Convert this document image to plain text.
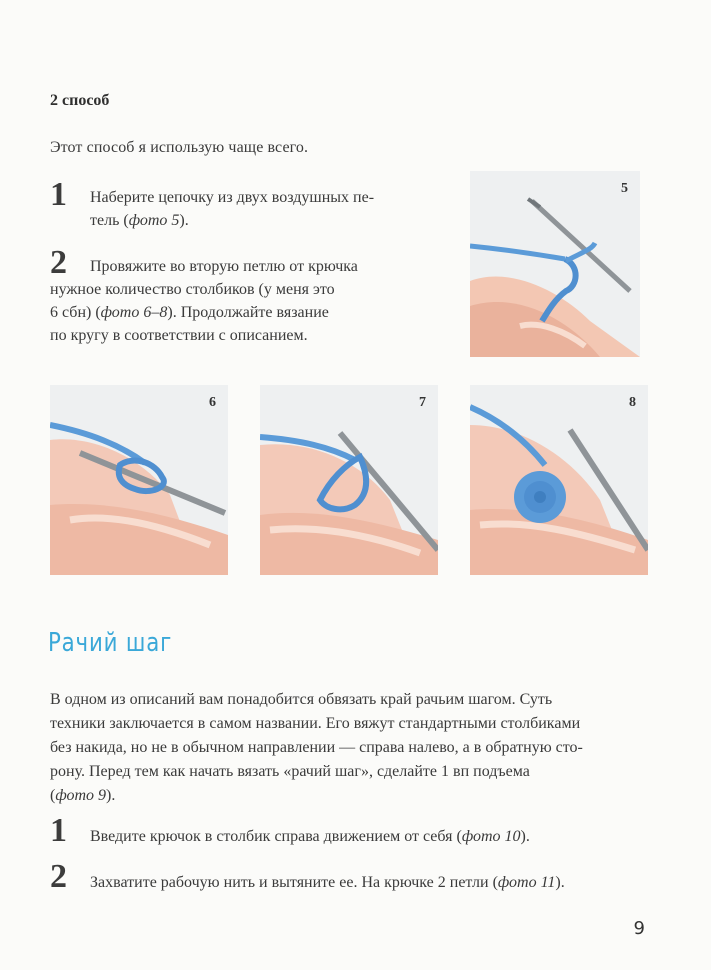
2 способ
Этот способ я использую чаще всего.
1 Наберите цепочку из двух воздушных пе-
тель (фото 5).
2 Провяжите во вторую петлю от крючка
нужное количество столбиков (у меня это
6 сбн) (фото 6–8). Продолжайте вязание
по кругу в соответствии с описанием.
5
6	7	8
Рачий шаг
В одном из описаний вам понадобится обвязать край рачьим шагом. Суть
техники заключается в самом названии. Его вяжут стандартными столбиками
без накида, но не в обычном направлении — справа налево, а в обратную сто-
рону. Перед тем как начать вязать «рачий шаг», сделайте 1 вп подъема
(фото 9).
1 Введите крючок в столбик справа движением от себя (фото 10).
2 Захватите рабочую нить и вытяните ее. На крючке 2 петли (фото 11).
9
